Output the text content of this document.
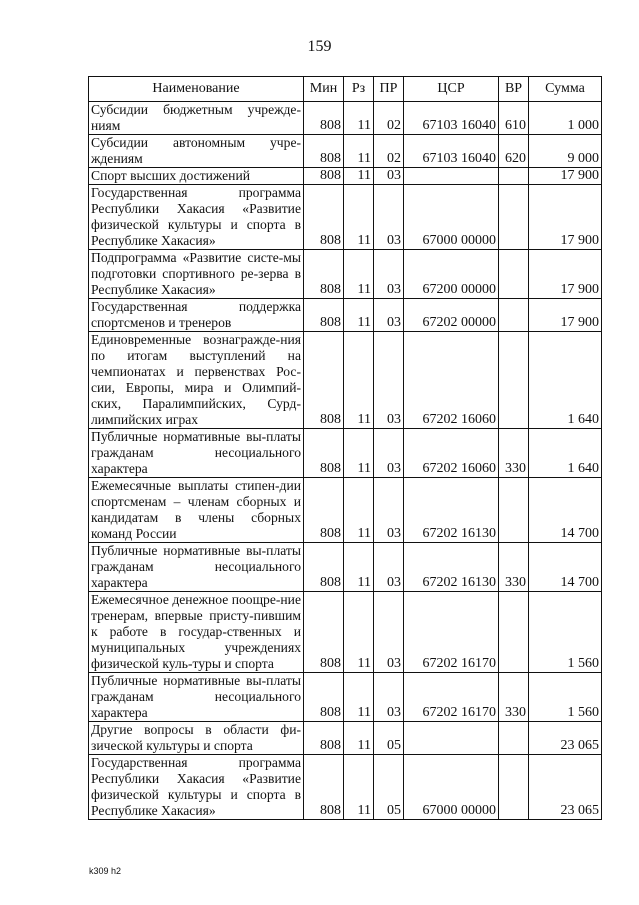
159
Наименование	Мин	Рз	ПР	ЦСР	ВР	Сумма
Субсидии бюджетным учрежде-ниям	808	11	02	67103 16040	610	1 000
Субсидии автономным учре-ждениям	808	11	02	67103 16040	620	9 000
Спорт высших достижений	808	11	03			17 900
Государственная программа Республики Хакасия «Развитие физической культуры и спорта в Республике Хакасия»	808	11	03	67000 00000		17 900
Подпрограмма «Развитие систе-мы подготовки спортивного ре-зерва в Республике Хакасия»	808	11	03	67200 00000		17 900
Государственная поддержка спортсменов и тренеров	808	11	03	67202 00000		17 900
Единовременные вознагражде-ния по итогам выступлений на чемпионатах и первенствах Рос-сии, Европы, мира и Олимпий-ских, Паралимпийских, Сурд-лимпийских играх	808	11	03	67202 16060		1 640
Публичные нормативные вы-платы гражданам несоциального характера	808	11	03	67202 16060	330	1 640
Ежемесячные выплаты стипен-дии спортсменам – членам сборных и кандидатам в члены сборных команд России	808	11	03	67202 16130		14 700
Публичные нормативные вы-платы гражданам несоциального характера	808	11	03	67202 16130	330	14 700
Ежемесячное денежное поощре-ние тренерам, впервые присту-пившим к работе в государ-ственных и муниципальных учреждениях физической куль-туры и спорта	808	11	03	67202 16170		1 560
Публичные нормативные вы-платы гражданам несоциального характера	808	11	03	67202 16170	330	1 560
Другие вопросы в области фи-зической культуры и спорта	808	11	05			23 065
Государственная программа Республики Хакасия «Развитие физической культуры и спорта в Республике Хакасия»	808	11	05	67000 00000		23 065
k309 h2
